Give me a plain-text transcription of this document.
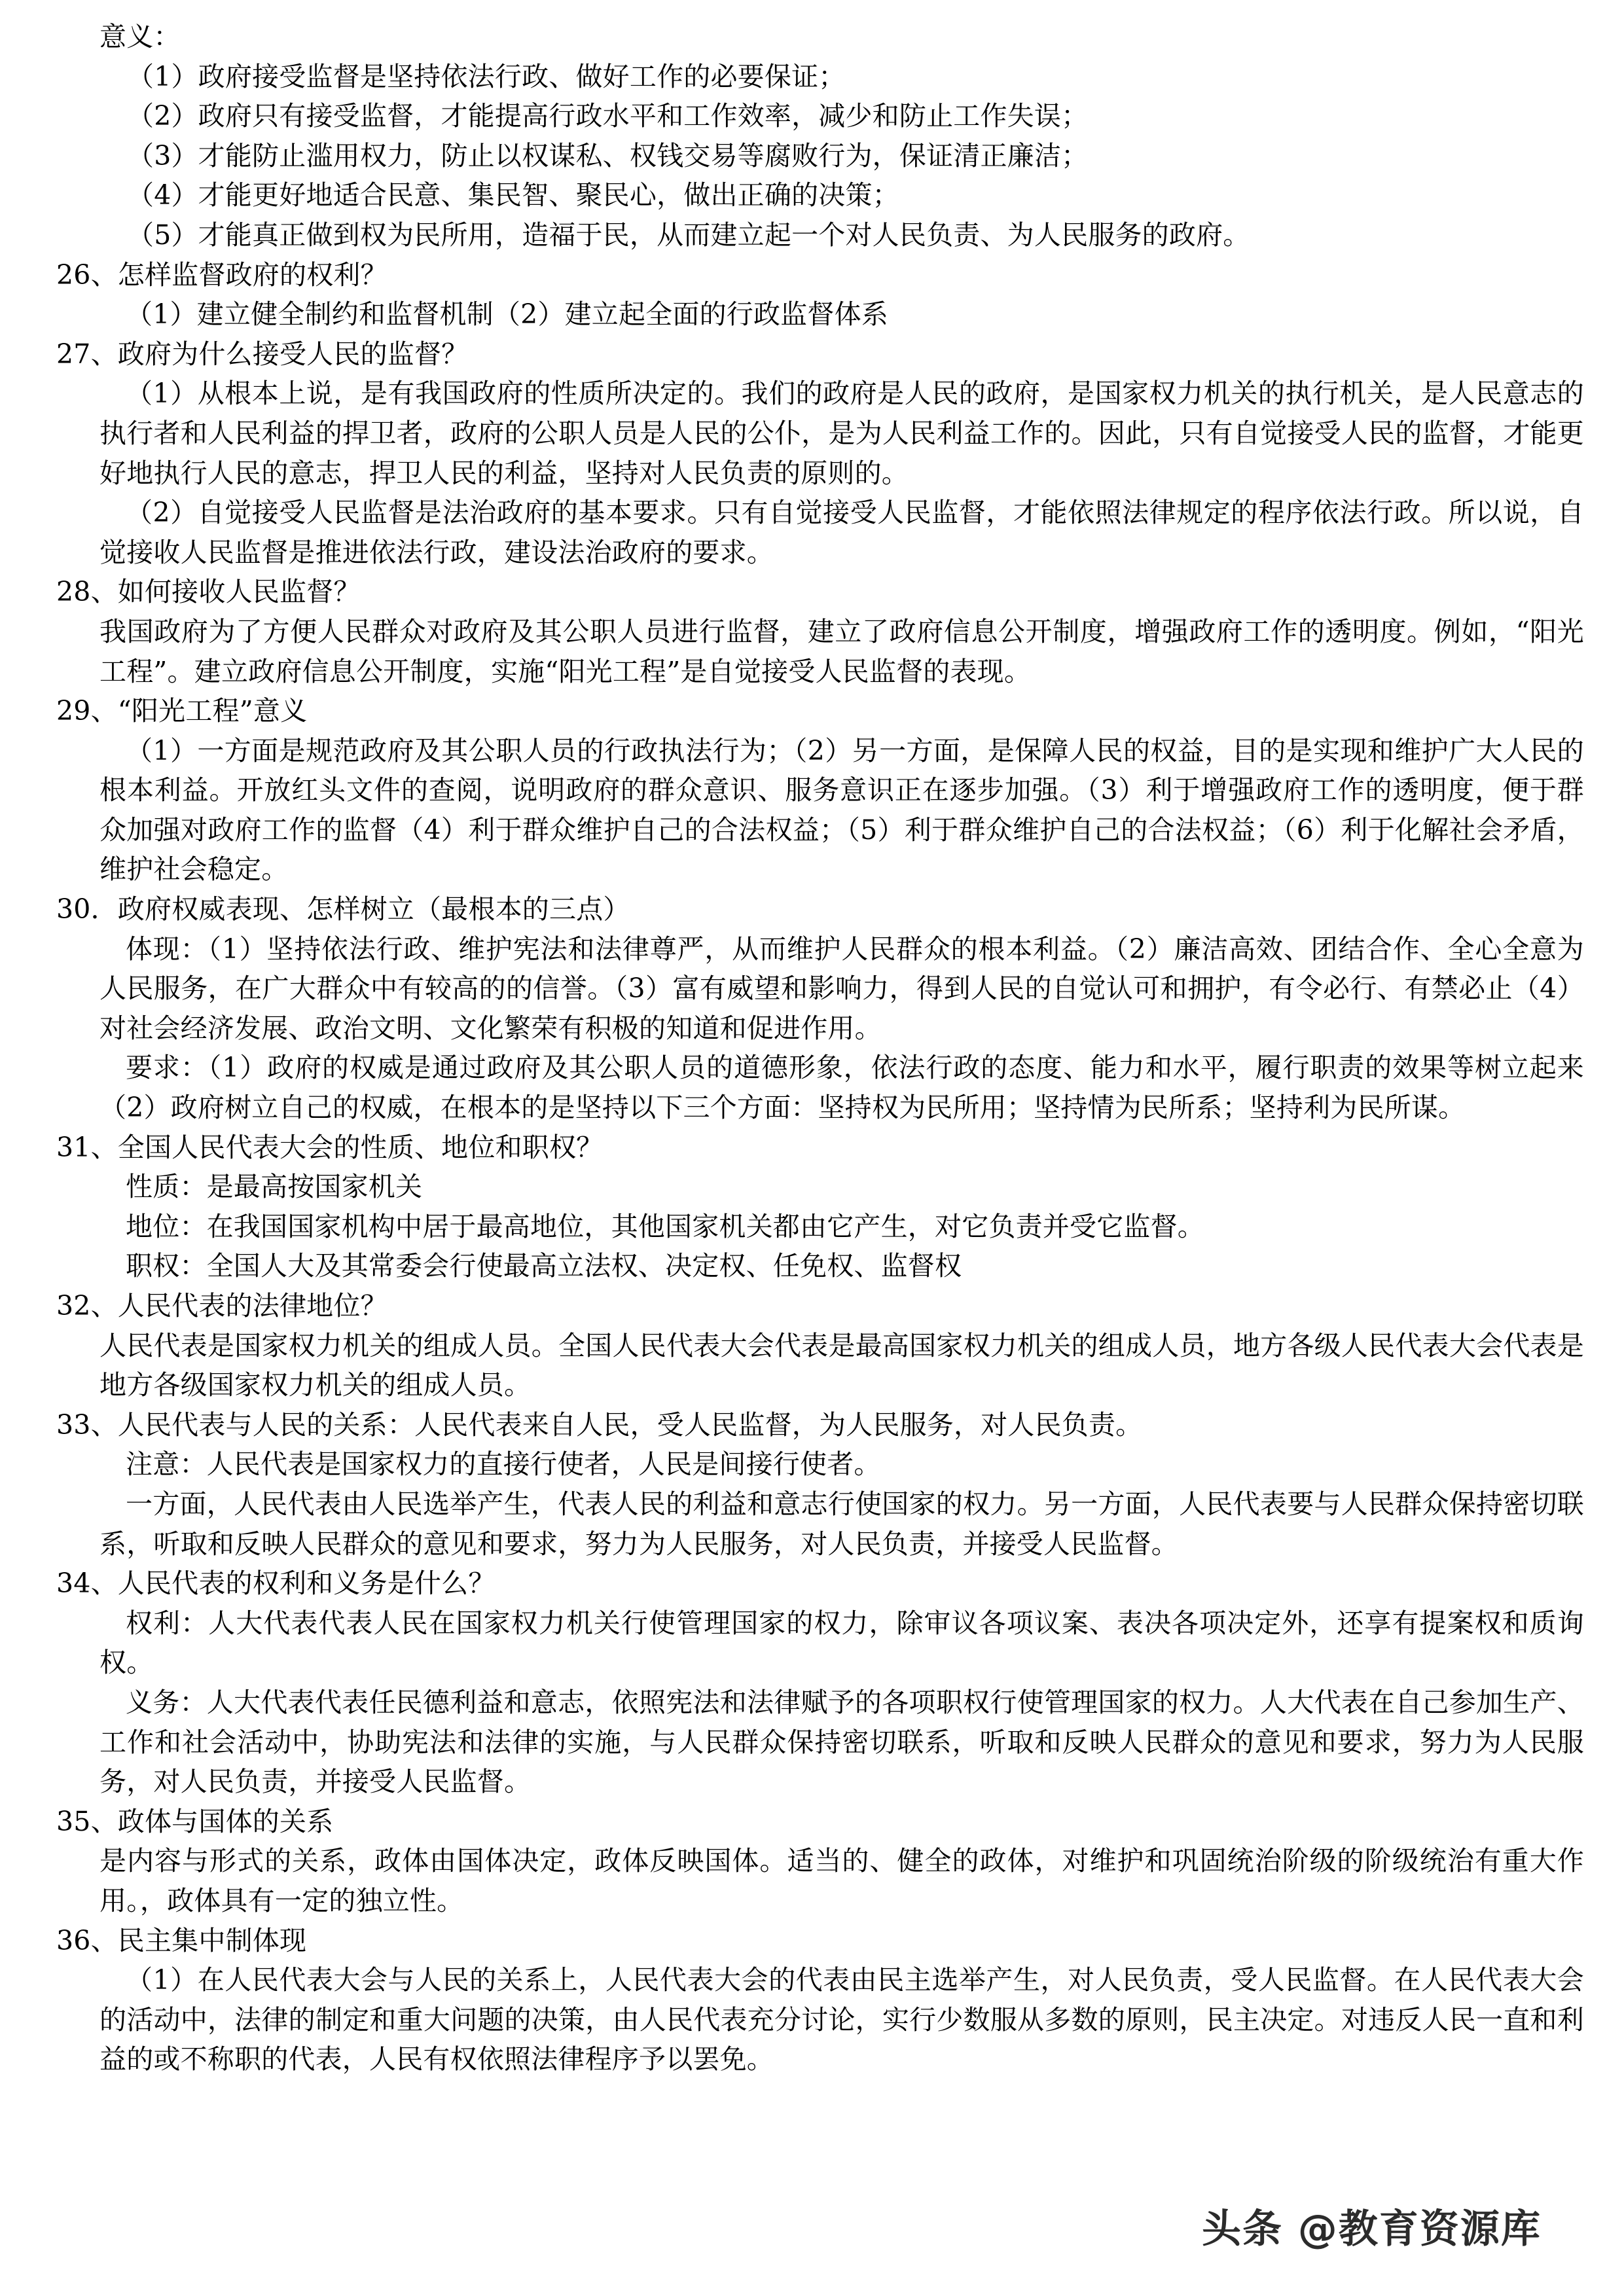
意义：

（1）政府接受监督是坚持依法行政、做好工作的必要保证；

（2）政府只有接受监督，才能提高行政水平和工作效率，减少和防止工作失误；

（3）才能防止滥用权力，防止以权谋私、权钱交易等腐败行为，保证清正廉洁；

（4）才能更好地适合民意、集民智、聚民心，做出正确的决策；

（5）才能真正做到权为民所用，造福于民，从而建立起一个对人民负责、为人民服务的政府。

26、怎样监督政府的权利？

（1）建立健全制约和监督机制（2）建立起全面的行政监督体系

27、政府为什么接受人民的监督？

（1）从根本上说，是有我国政府的性质所决定的。我们的政府是人民的政府，是国家权力机关的执行机关，是人民意志的执行者和人民利益的捍卫者，政府的公职人员是人民的公仆，是为人民利益工作的。因此，只有自觉接受人民的监督，才能更好地执行人民的意志，捍卫人民的利益，坚持对人民负责的原则的。

（2）自觉接受人民监督是法治政府的基本要求。只有自觉接受人民监督，才能依照法律规定的程序依法行政。所以说，自觉接收人民监督是推进依法行政，建设法治政府的要求。

28、如何接收人民监督？

我国政府为了方便人民群众对政府及其公职人员进行监督，建立了政府信息公开制度，增强政府工作的透明度。例如，“阳光工程”。建立政府信息公开制度，实施“阳光工程”是自觉接受人民监督的表现。

29、“阳光工程”意义

（1）一方面是规范政府及其公职人员的行政执法行为；（2）另一方面，是保障人民的权益，目的是实现和维护广大人民的根本利益。开放红头文件的查阅，说明政府的群众意识、服务意识正在逐步加强。（3）利于增强政府工作的透明度，便于群众加强对政府工作的监督（4）利于群众维护自己的合法权益；（5）利于群众维护自己的合法权益；（6）利于化解社会矛盾，维护社会稳定。

30．政府权威表现、怎样树立（最根本的三点）

体现：（1）坚持依法行政、维护宪法和法律尊严，从而维护人民群众的根本利益。（2）廉洁高效、团结合作、全心全意为人民服务，在广大群众中有较高的的信誉。（3）富有威望和影响力，得到人民的自觉认可和拥护，有令必行、有禁必止（4）对社会经济发展、政治文明、文化繁荣有积极的知道和促进作用。

要求：（1）政府的权威是通过政府及其公职人员的道德形象，依法行政的态度、能力和水平，履行职责的效果等树立起来（2）政府树立自己的权威，在根本的是坚持以下三个方面：坚持权为民所用；坚持情为民所系；坚持利为民所谋。

31、全国人民代表大会的性质、地位和职权？

性质：是最高按国家机关

地位：在我国国家机构中居于最高地位，其他国家机关都由它产生，对它负责并受它监督。

职权：全国人大及其常委会行使最高立法权、决定权、任免权、监督权

32、人民代表的法律地位？

人民代表是国家权力机关的组成人员。全国人民代表大会代表是最高国家权力机关的组成人员，地方各级人民代表大会代表是地方各级国家权力机关的组成人员。

33、人民代表与人民的关系：人民代表来自人民，受人民监督，为人民服务，对人民负责。

注意：人民代表是国家权力的直接行使者，人民是间接行使者。

一方面，人民代表由人民选举产生，代表人民的利益和意志行使国家的权力。另一方面，人民代表要与人民群众保持密切联系，听取和反映人民群众的意见和要求，努力为人民服务，对人民负责，并接受人民监督。

34、人民代表的权利和义务是什么？

权利：人大代表代表人民在国家权力机关行使管理国家的权力，除审议各项议案、表决各项决定外，还享有提案权和质询权。

义务：人大代表代表任民德利益和意志，依照宪法和法律赋予的各项职权行使管理国家的权力。人大代表在自己参加生产、工作和社会活动中，协助宪法和法律的实施，与人民群众保持密切联系，听取和反映人民群众的意见和要求，努力为人民服务，对人民负责，并接受人民监督。

35、政体与国体的关系

是内容与形式的关系，政体由国体决定，政体反映国体。适当的、健全的政体，对维护和巩固统治阶级的阶级统治有重大作用。，政体具有一定的独立性。

36、民主集中制体现

（1）在人民代表大会与人民的关系上，人民代表大会的代表由民主选举产生，对人民负责，受人民监督。在人民代表大会的活动中，法律的制定和重大问题的决策，由人民代表充分讨论，实行少数服从多数的原则，民主决定。对违反人民一直和利益的或不称职的代表，人民有权依照法律程序予以罢免。

头条 @教育资源库
